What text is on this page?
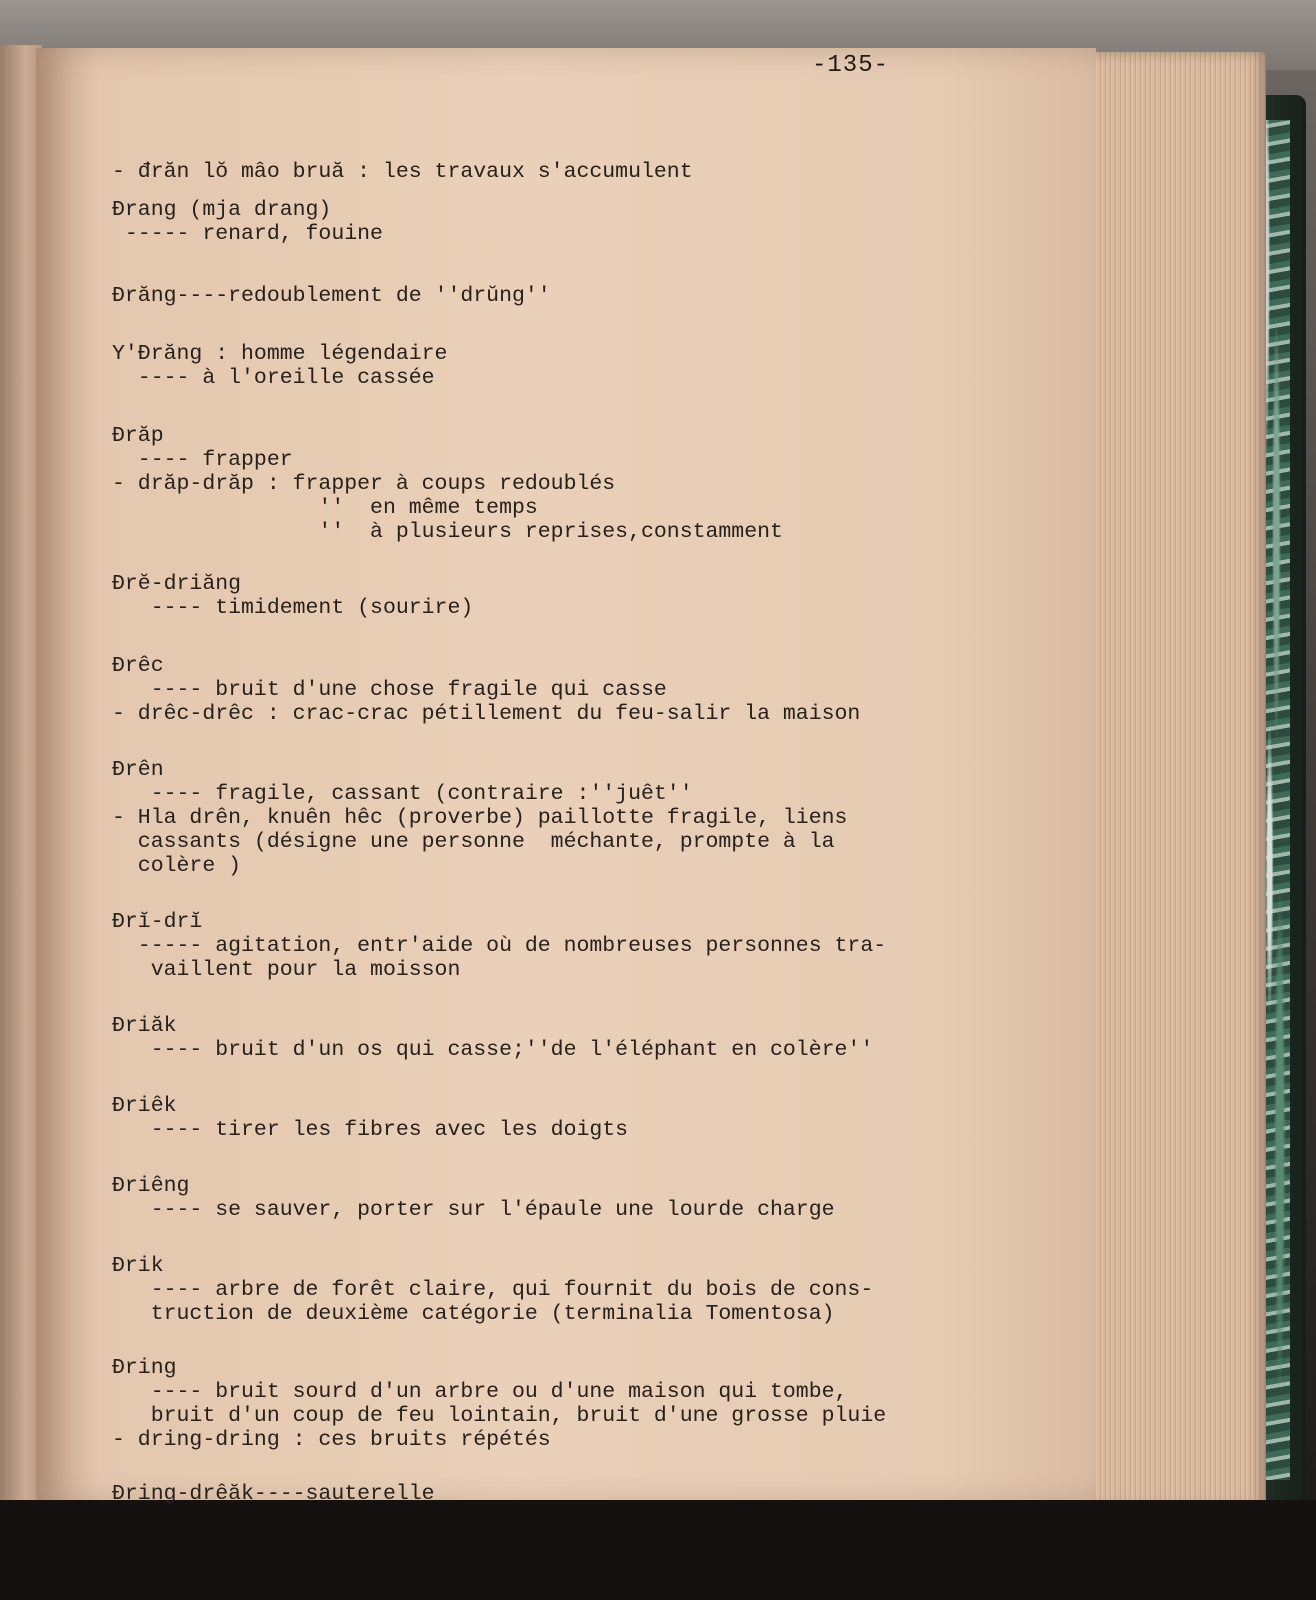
-135-
- đrăn lŏ mâo bruă : les travaux s'accumulent
Đrang (mja drang)
----- renard, fouine
Đrăng----redoublement de ''drŭng''
Y'Đrăng : homme légendaire
---- à l'oreille cassée
Đrăp
---- frapper
- drăp-drăp : frapper à coups redoublés
''  en même temps
''  à plusieurs reprises,constamment
Đrĕ-driăng
---- timidement (sourire)
Đrêc
---- bruit d'une chose fragile qui casse
- drêc-drêc : crac-crac pétillement du feu-salir la maison
Đrên
---- fragile, cassant (contraire :''juêt''
- Hla drên, knuên hêc (proverbe) paillotte fragile, liens
cassants (désigne une personne  méchante, prompte à la
colère )
Đrĭ-drĭ
----- agitation, entr'aide où de nombreuses personnes tra-
vaillent pour la moisson
Đriăk
---- bruit d'un os qui casse;''de l'éléphant en colère''
Đriêk
---- tirer les fibres avec les doigts
Đriêng
---- se sauver, porter sur l'épaule une lourde charge
Đrik
---- arbre de forêt claire, qui fournit du bois de cons-
truction de deuxième catégorie (terminalia Tomentosa)
Đring
---- bruit sourd d'un arbre ou d'une maison qui tombe,
bruit d'un coup de feu lointain, bruit d'une grosse pluie
- dring-dring : ces bruits répétés
Đring-drêăk----sauterelle
